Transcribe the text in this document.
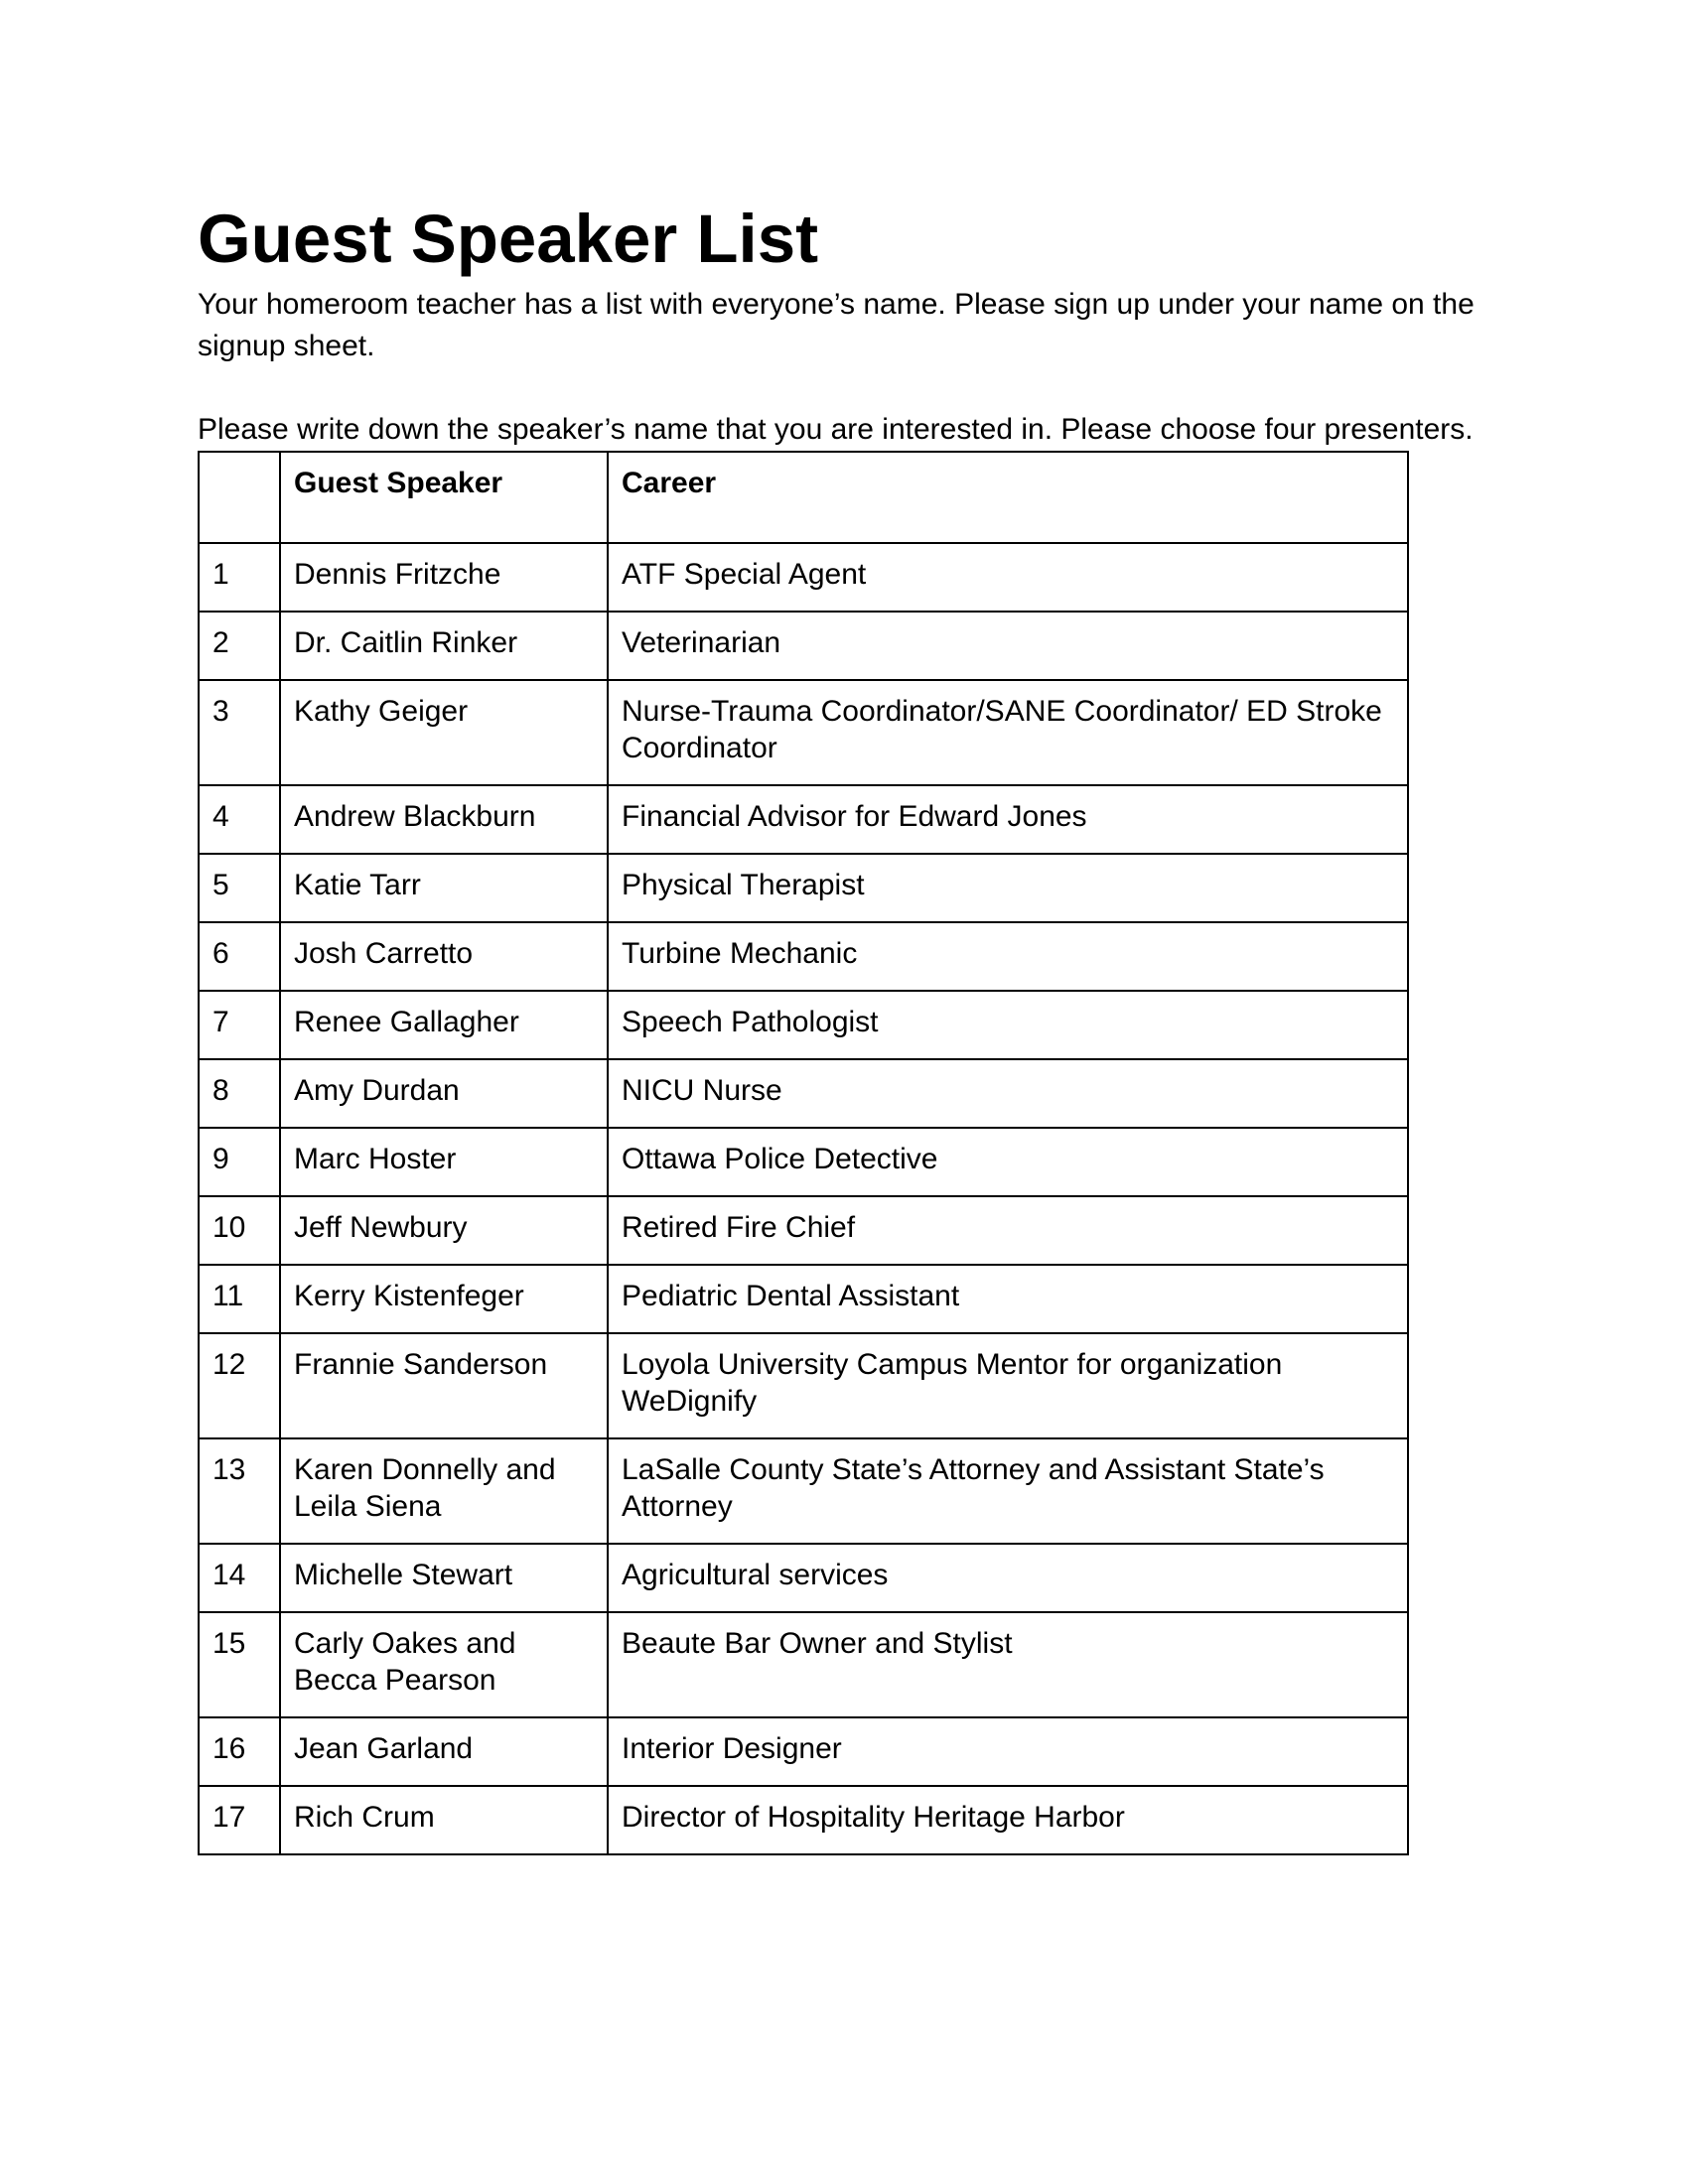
Guest Speaker List

Your homeroom teacher has a list with everyone’s name. Please sign up under your name on the signup sheet.

Please write down the speaker’s name that you are interested in. Please choose four presenters.

	Guest Speaker	Career
1	Dennis Fritzche	ATF Special Agent
2	Dr. Caitlin Rinker	Veterinarian
3	Kathy Geiger	Nurse-Trauma Coordinator/SANE Coordinator/ ED Stroke Coordinator
4	Andrew Blackburn	Financial Advisor for Edward Jones
5	Katie Tarr	Physical Therapist
6	Josh Carretto	Turbine Mechanic
7	Renee Gallagher	Speech Pathologist
8	Amy Durdan	NICU Nurse
9	Marc Hoster	Ottawa Police Detective
10	Jeff Newbury	Retired Fire Chief
11	Kerry Kistenfeger	Pediatric Dental Assistant
12	Frannie Sanderson	Loyola University Campus Mentor for organization WeDignify
13	Karen Donnelly and Leila Siena	LaSalle County State’s Attorney and Assistant State’s Attorney
14	Michelle Stewart	Agricultural services
15	Carly Oakes and Becca Pearson	Beaute Bar Owner and Stylist
16	Jean Garland	Interior Designer
17	Rich Crum	Director of Hospitality Heritage Harbor
